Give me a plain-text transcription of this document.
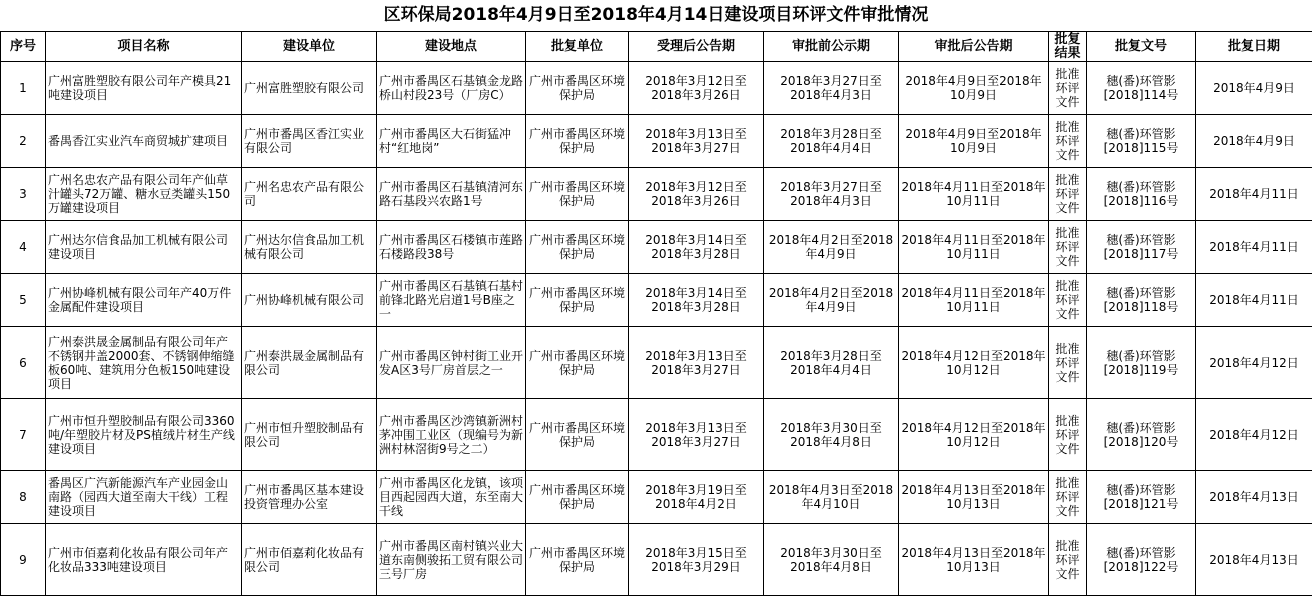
区环保局2018年4月9日至2018年4月14日建设项目环评文件审批情况
序号	项目名称	建设单位	建设地点	批复单位	受理后公告期	审批前公示期	审批后公告期	批复结果	批复文号	批复日期
1	广州富胜塑胶有限公司年产模具21吨建设项目	广州富胜塑胶有限公司	广州市番禺区石基镇金龙路桥山村段23号（厂房C）	广州市番禺区环境保护局	2018年3月12日至2018年3月26日	2018年3月27日至2018年4月3日	2018年4月9日至2018年10月9日	批准环评文件	穗(番)环管影[2018]114号	2018年4月9日
2	番禺香江实业汽车商贸城扩建项目	广州市番禺区香江实业有限公司	广州市番禺区大石街猛冲村“红地岗”	广州市番禺区环境保护局	2018年3月13日至2018年3月27日	2018年3月28日至2018年4月4日	2018年4月9日至2018年10月9日	批准环评文件	穗(番)环管影[2018]115号	2018年4月9日
3	广州名忠农产品有限公司年产仙草汁罐头72万罐、糖水豆类罐头150万罐建设项目	广州名忠农产品有限公司	广州市番禺区石基镇清河东路石基段兴农路1号	广州市番禺区环境保护局	2018年3月12日至2018年3月26日	2018年3月27日至2018年4月3日	2018年4月11日至2018年10月11日	批准环评文件	穗(番)环管影[2018]116号	2018年4月11日
4	广州达尔信食品加工机械有限公司建设项目	广州达尔信食品加工机械有限公司	广州市番禺区石楼镇市莲路石楼路段38号	广州市番禺区环境保护局	2018年3月14日至2018年3月28日	2018年4月2日至2018年4月9日	2018年4月11日至2018年10月11日	批准环评文件	穗(番)环管影[2018]117号	2018年4月11日
5	广州协峰机械有限公司年产40万件金属配件建设项目	广州协峰机械有限公司	广州市番禺区石基镇石基村前锋北路光启道1号B座之一	广州市番禺区环境保护局	2018年3月14日至2018年3月28日	2018年4月2日至2018年4月9日	2018年4月11日至2018年10月11日	批准环评文件	穗(番)环管影[2018]118号	2018年4月11日
6	广州泰洪晟金属制品有限公司年产不锈钢井盖2000套、不锈钢伸缩缝板60吨、建筑用分色板150吨建设项目	广州泰洪晟金属制品有限公司	广州市番禺区钟村街工业开发A区3号厂房首层之一	广州市番禺区环境保护局	2018年3月13日至2018年3月27日	2018年3月28日至2018年4月4日	2018年4月12日至2018年10月12日	批准环评文件	穗(番)环管影[2018]119号	2018年4月12日
7	广州市恒升塑胶制品有限公司3360吨/年塑胶片材及PS植绒片材生产线建设项目	广州市恒升塑胶制品有限公司	广州市番禺区沙湾镇新洲村茅冲围工业区（现编号为新洲村林滘街9号之二）	广州市番禺区环境保护局	2018年3月13日至2018年3月27日	2018年3月30日至2018年4月8日	2018年4月12日至2018年10月12日	批准环评文件	穗(番)环管影[2018]120号	2018年4月12日
8	番禺区广汽新能源汽车产业园金山南路（园西大道至南大干线）工程建设项目	广州市番禺区基本建设投资管理办公室	广州市番禺区化龙镇，该项目西起园西大道，东至南大干线	广州市番禺区环境保护局	2018年3月19日至2018年4月2日	2018年4月3日至2018年4月10日	2018年4月13日至2018年10月13日	批准环评文件	穗(番)环管影[2018]121号	2018年4月13日
9	广州市佰嘉莉化妆品有限公司年产化妆品333吨建设项目	广州市佰嘉莉化妆品有限公司	广州市番禺区南村镇兴业大道东南侧骏拓工贸有限公司三号厂房	广州市番禺区环境保护局	2018年3月15日至2018年3月29日	2018年3月30日至2018年4月8日	2018年4月13日至2018年10月13日	批准环评文件	穗(番)环管影[2018]122号	2018年4月13日
